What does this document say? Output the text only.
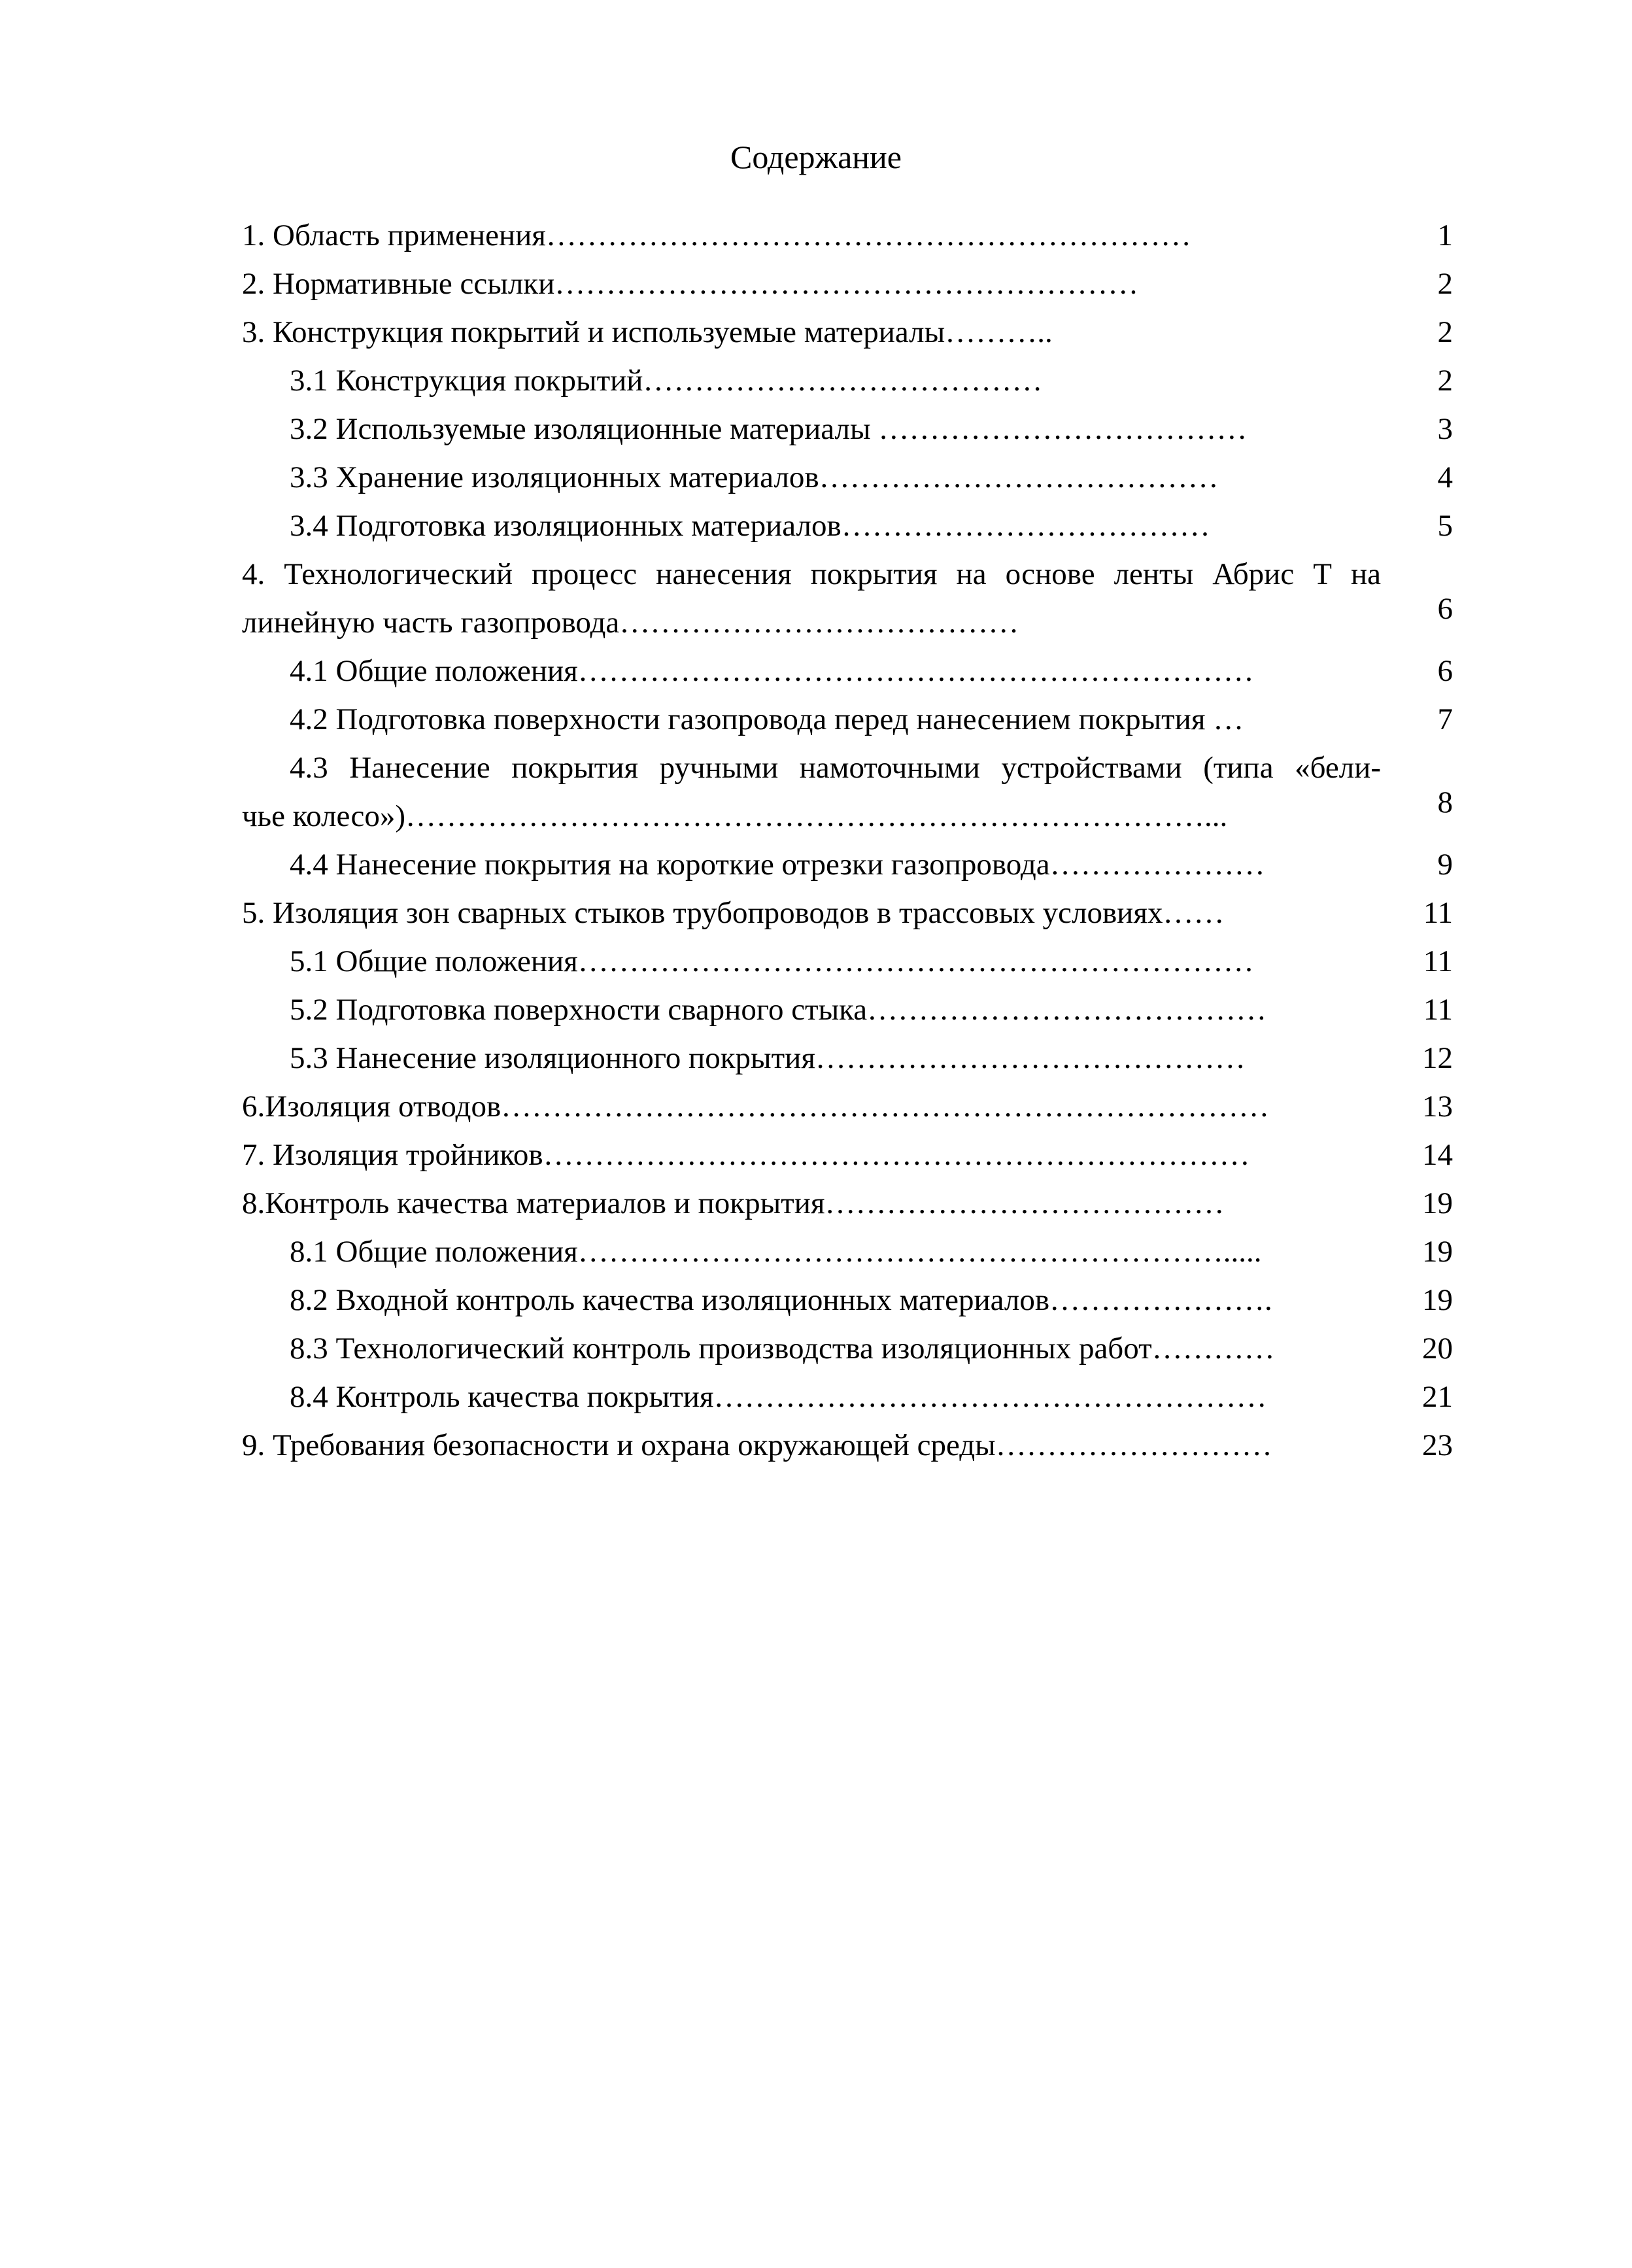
Содержание
1. Область применения………………………………………………………	1
2. Нормативные ссылки…………………………………………………	2
3. Конструкция покрытий и используемые материалы………..	2
3.1 Конструкция покрытий…………………………………	2
3.2 Используемые изоляционные материалы ………………………………	3
3.3 Хранение изоляционных материалов…………………………………	4
3.4 Подготовка изоляционных материалов………………………………	5
4. Технологический процесс нанесения покрытия на основе ленты Абрис Т на
линейную часть газопровода…………………………………	6
4.1 Общие положения…………………………………………………………	6
4.2 Подготовка поверхности газопровода перед нанесением покрытия …	7
4.3 Нанесение покрытия ручными намоточными устройствами (типа «бели-
чье колесо»)……………………………………………………………………...	8
4.4 Нанесение покрытия на короткие отрезки газопровода…………………	9
5. Изоляция зон сварных стыков трубопроводов в трассовых условиях……	11
5.1 Общие положения…………………………………………………………	11
5.2 Подготовка поверхности сварного стыка…………………………………	11
5.3 Нанесение изоляционного покрытия……………………………………	12
6.Изоляция отводов…………………………………………………………………	13
7. Изоляция тройников……………………………………………………………	14
8.Контроль качества материалов и покрытия…………………………………	19
8.1 Общие положения……………………………………………………….....	19
8.2 Входной контроль качества изоляционных материалов………………….	19
8.3 Технологический контроль производства изоляционных работ…………	20
8.4 Контроль качества покрытия………………………………………………	21
9. Требования безопасности и охрана окружающей среды………………………	23
